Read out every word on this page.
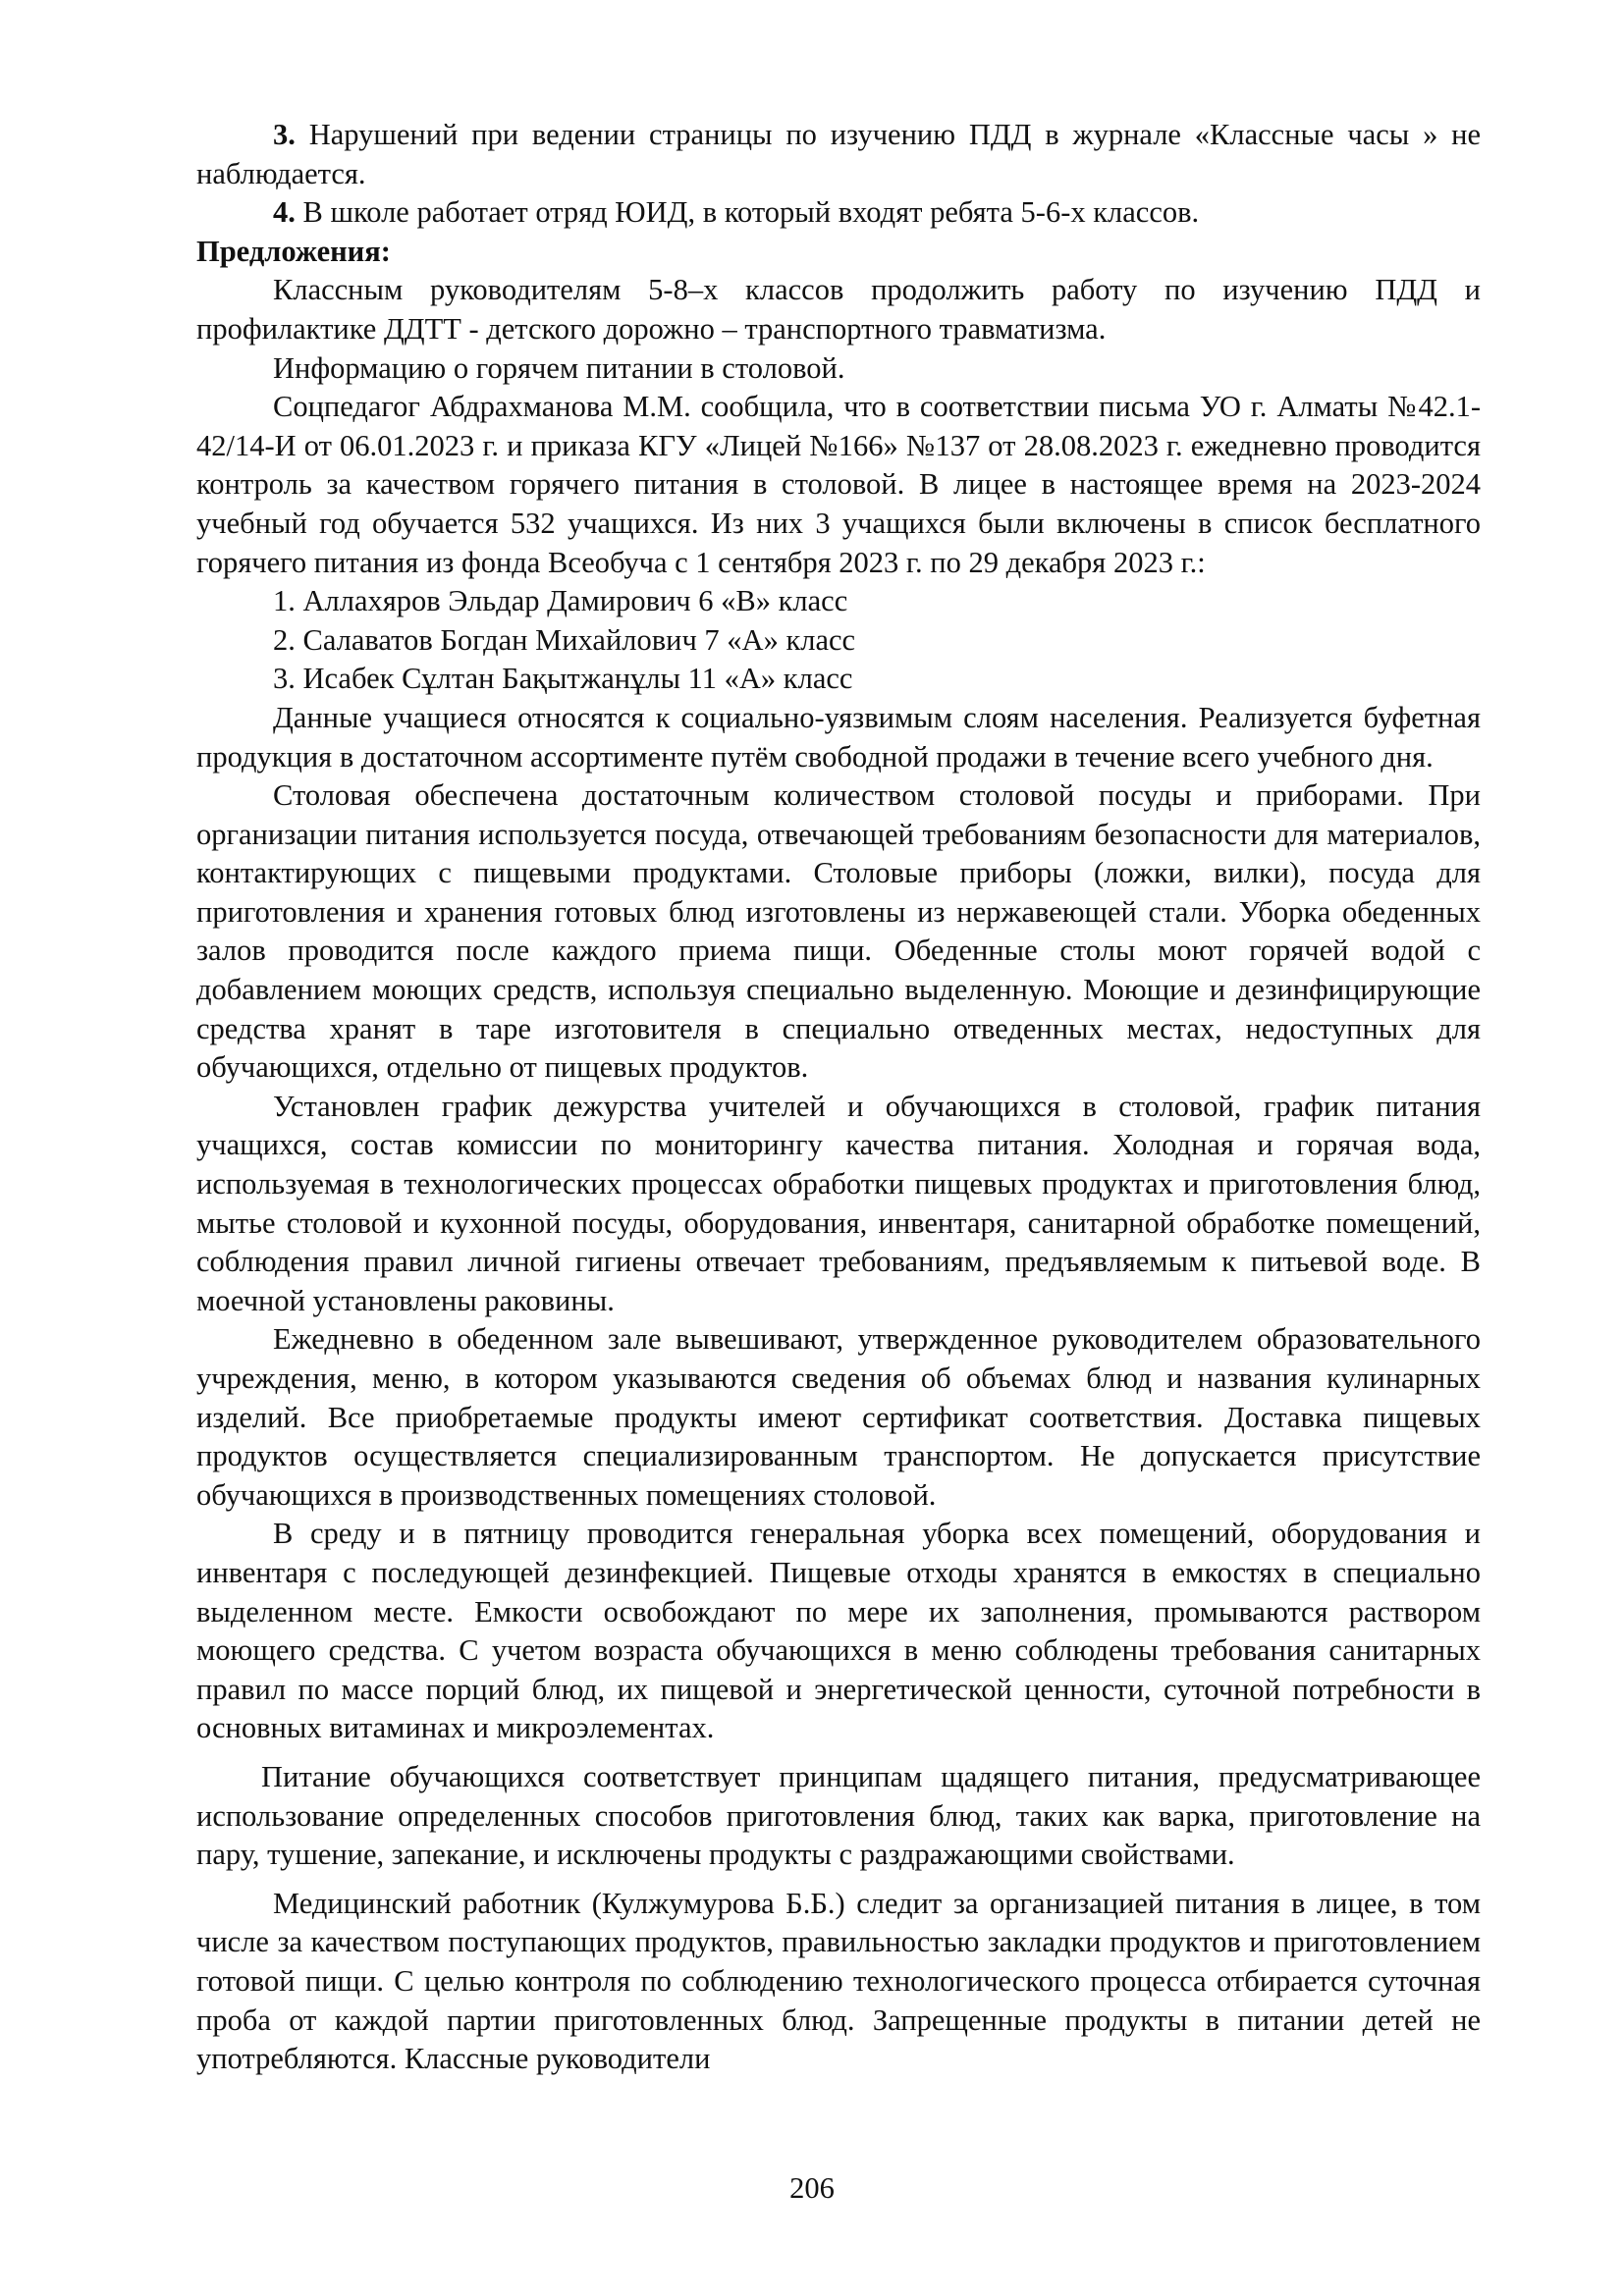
3. Нарушений при ведении страницы по изучению ПДД в журнале «Классные часы » не наблюдается.

4. В школе работает отряд ЮИД, в который входят ребята 5-6-х классов.

Предложения:

Классным руководителям 5-8–х классов продолжить работу по изучению ПДД и профилактике ДДТТ - детского дорожно – транспортного травматизма.

Информацию о горячем питании в столовой.

Соцпедагог Абдрахманова М.М. сообщила, что в соответствии письма УО г. Алматы №42.1-42/14-И от 06.01.2023 г. и приказа КГУ «Лицей №166» №137 от 28.08.2023 г. ежедневно проводится контроль за качеством горячего питания в столовой. В лицее в настоящее время на 2023-2024 учебный год обучается 532 учащихся. Из них 3 учащихся были включены в список бесплатного горячего питания из фонда Всеобуча с 1 сентября 2023 г. по 29 декабря 2023 г.:

1. Аллахяров Эльдар Дамирович 6 «В» класс

2. Салаватов Богдан Михайлович 7 «А» класс

3. Исабек Сұлтан Бақытжанұлы 11 «А» класс

Данные учащиеся относятся к социально-уязвимым слоям населения. Реализуется буфетная продукция в достаточном ассортименте путём свободной продажи в течение всего учебного дня.

Столовая обеспечена достаточным количеством столовой посуды и приборами. При организации питания используется посуда, отвечающей требованиям безопасности для материалов, контактирующих с пищевыми продуктами. Столовые приборы (ложки, вилки), посуда для приготовления и хранения готовых блюд изготовлены из нержавеющей стали. Уборка обеденных залов проводится после каждого приема пищи. Обеденные столы моют горячей водой с добавлением моющих средств, используя специально выделенную. Моющие и дезинфицирующие средства хранят в таре изготовителя в специально отведенных местах, недоступных для обучающихся, отдельно от пищевых продуктов.

Установлен график дежурства учителей и обучающихся в столовой, график питания учащихся, состав комиссии по мониторингу качества питания. Холодная и горячая вода, используемая в технологических процессах обработки пищевых продуктах и приготовления блюд, мытье столовой и кухонной посуды, оборудования, инвентаря, санитарной обработке помещений, соблюдения правил личной гигиены отвечает требованиям, предъявляемым к питьевой воде. В моечной установлены раковины.

Ежедневно в обеденном зале вывешивают, утвержденное руководителем образовательного учреждения, меню, в котором указываются сведения об объемах блюд и названия кулинарных изделий. Все приобретаемые продукты имеют сертификат соответствия. Доставка пищевых продуктов осуществляется специализированным транспортом. Не допускается присутствие обучающихся в производственных помещениях столовой.

В среду и в пятницу проводится генеральная уборка всех помещений, оборудования и инвентаря с последующей дезинфекцией. Пищевые отходы хранятся в емкостях в специально выделенном месте. Емкости освобождают по мере их заполнения, промываются раствором моющего средства. С учетом возраста обучающихся в меню соблюдены требования санитарных правил по массе порций блюд, их пищевой и энергетической ценности, суточной потребности в основных витаминах и микроэлементах.

Питание обучающихся соответствует принципам щадящего питания, предусматривающее использование определенных способов приготовления блюд, таких как варка, приготовление на пару, тушение, запекание, и исключены продукты с раздражающими свойствами.

Медицинский работник (Кулжумурова Б.Б.) следит за организацией питания в лицее, в том числе за качеством поступающих продуктов, правильностью закладки продуктов и приготовлением готовой пищи. С целью контроля по соблюдению технологического процесса отбирается суточная проба от каждой партии приготовленных блюд. Запрещенные продукты в питании детей не употребляются. Классные руководители

206
